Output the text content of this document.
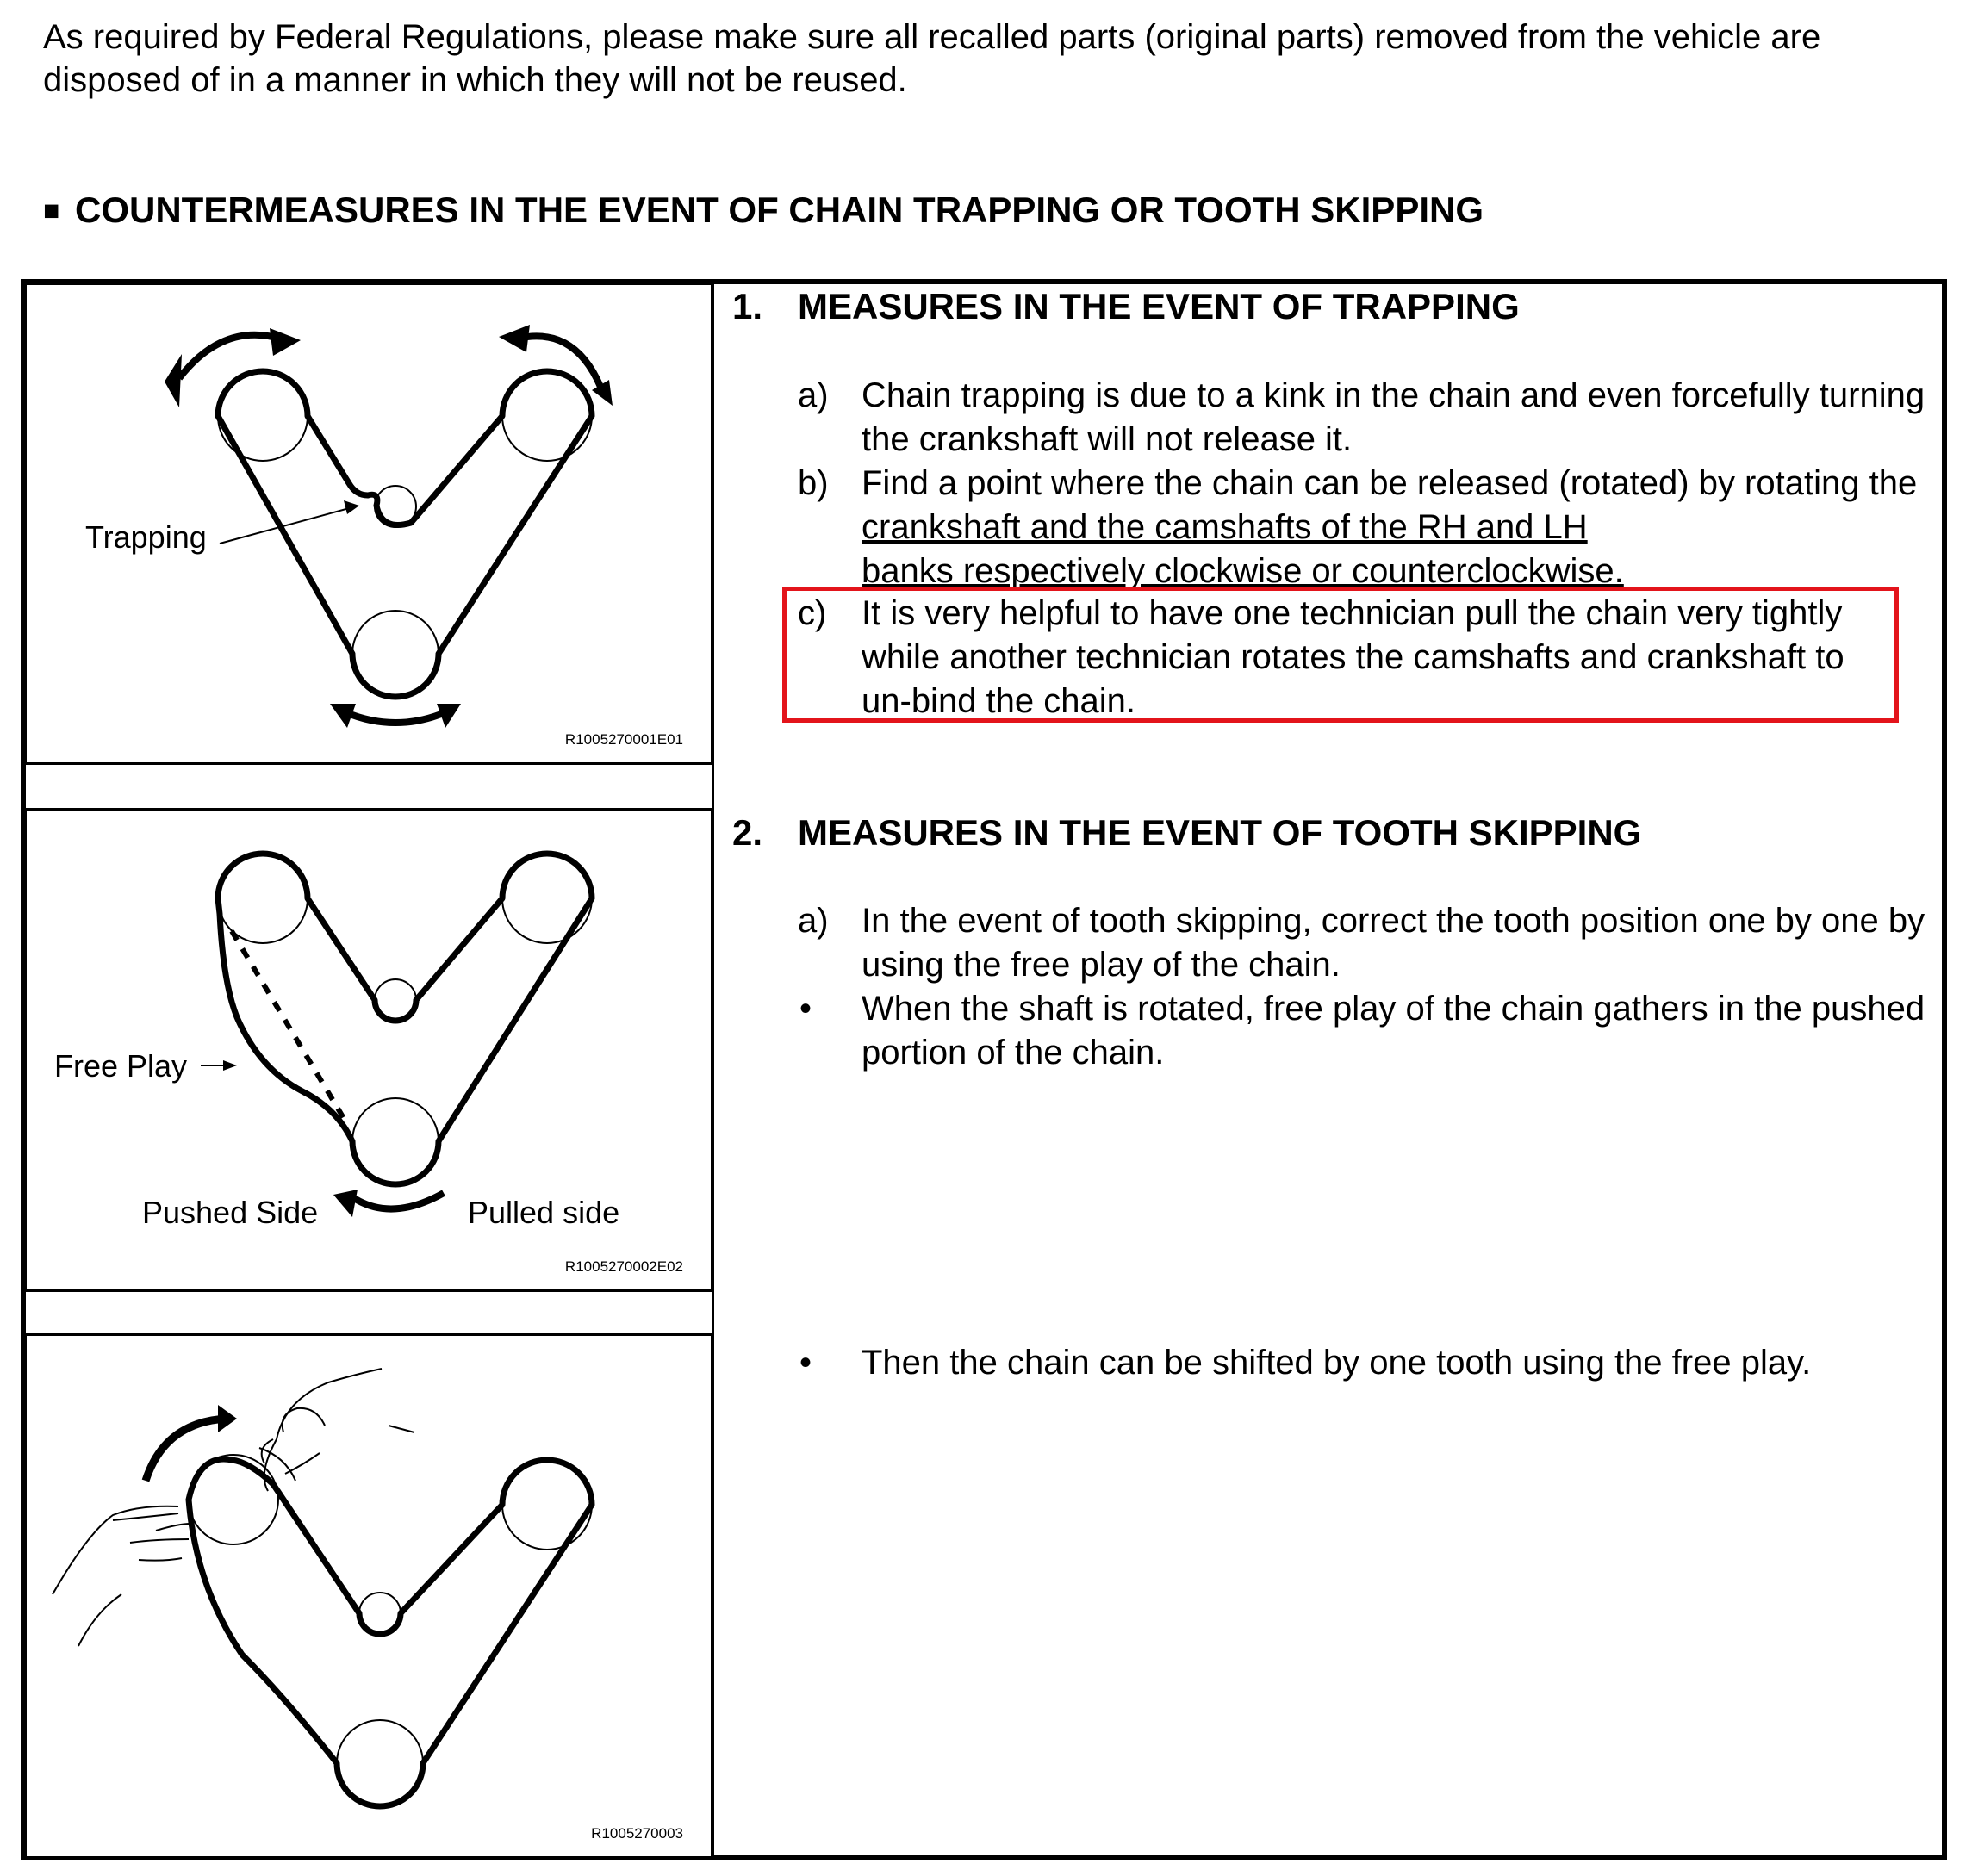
As required by Federal Regulations, please make sure all recalled parts (original parts) removed from the vehicle are disposed of in a manner in which they will not be reused.
■ COUNTERMEASURES IN THE EVENT OF CHAIN TRAPPING OR TOOTH SKIPPING
Trapping
R1005270001E01
Free Play
Pushed Side	Pulled side
R1005270002E02
R1005270003
1. MEASURES IN THE EVENT OF TRAPPING
a) Chain trapping is due to a kink in the chain and even forcefully turning the crankshaft will not release it.
b) Find a point where the chain can be released (rotated) by rotating the crankshaft and the camshafts of the RH and LH
banks respectively clockwise or counterclockwise.
c) It is very helpful to have one technician pull the chain very tightly while another technician rotates the camshafts and crankshaft to un-bind the chain.
2. MEASURES IN THE EVENT OF TOOTH SKIPPING
a) In the event of tooth skipping, correct the tooth position one by one by using the free play of the chain.
• When the shaft is rotated, free play of the chain gathers in the pushed portion of the chain.
• Then the chain can be shifted by one tooth using the free play.
